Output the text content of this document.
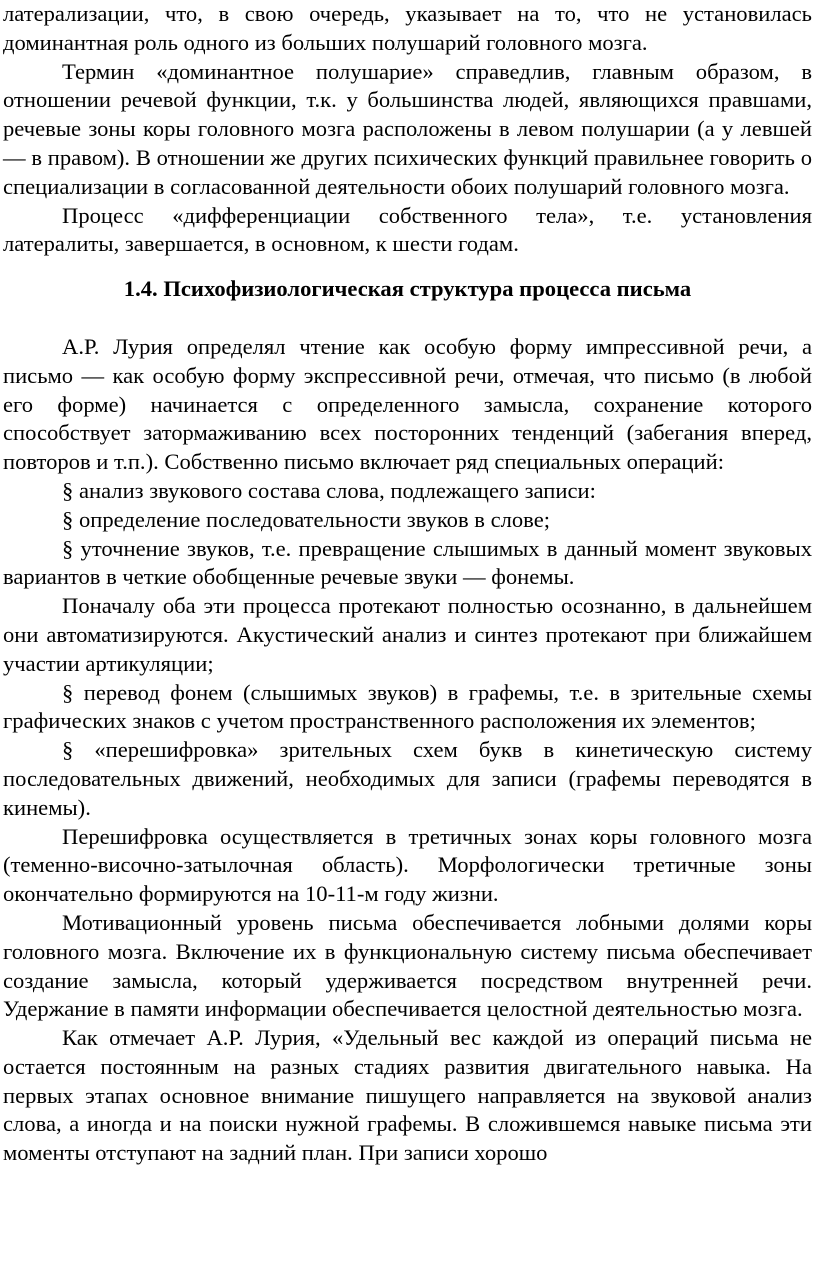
латерализации, что, в свою очередь, указывает на то, что не установилась доминантная роль одного из больших полушарий головного мозга.

Термин «доминантное полушарие» справедлив, главным образом, в отношении речевой функции, т.к. у большинства людей, являющихся правшами, речевые зоны коры головного мозга расположены в левом полушарии (а у левшей — в правом). В отношении же других психических функций правильнее говорить о специализации в согласованной деятельности обоих полушарий головного мозга.

Процесс «дифференциации собственного тела», т.е. установления латералиты, завершается, в основном, к шести годам.

1.4. Психофизиологическая структура процесса письма

А.Р. Лурия определял чтение как особую форму импрессивной речи, а письмо — как особую форму экспрессивной речи, отмечая, что письмо (в любой его форме) начинается с определенного замысла, сохранение которого способствует затормаживанию всех посторонних тенденций (забегания вперед, повторов и т.п.). Собственно письмо включает ряд специальных операций:

§ анализ звукового состава слова, подлежащего записи:

§ определение последовательности звуков в слове;

§ уточнение звуков, т.е. превращение слышимых в данный момент звуковых вариантов в четкие обобщенные речевые звуки — фонемы.

Поначалу оба эти процесса протекают полностью осознанно, в дальнейшем они автоматизируются. Акустический анализ и синтез протекают при ближайшем участии артикуляции;

§ перевод фонем (слышимых звуков) в графемы, т.е. в зрительные схемы графических знаков с учетом пространственного расположения их элементов;

§ «перешифровка» зрительных схем букв в кинетическую систему последовательных движений, необходимых для записи (графемы переводятся в кинемы).

Перешифровка осуществляется в третичных зонах коры головного мозга (теменно-височно-затылочная область). Морфологически третичные зоны окончательно формируются на 10-11-м году жизни.

Мотивационный уровень письма обеспечивается лобными долями коры головного мозга. Включение их в функциональную систему письма обеспечивает создание замысла, который удерживается посредством внутренней речи. Удержание в памяти информации обеспечивается целостной деятельностью мозга.

Как отмечает А.Р. Лурия, «Удельный вес каждой из операций письма не остается постоянным на разных стадиях развития двигательного навыка. На первых этапах основное внимание пишущего направляется на звуковой анализ слова, а иногда и на поиски нужной графемы. В сложившемся навыке письма эти моменты отступают на задний план. При записи хорошо
